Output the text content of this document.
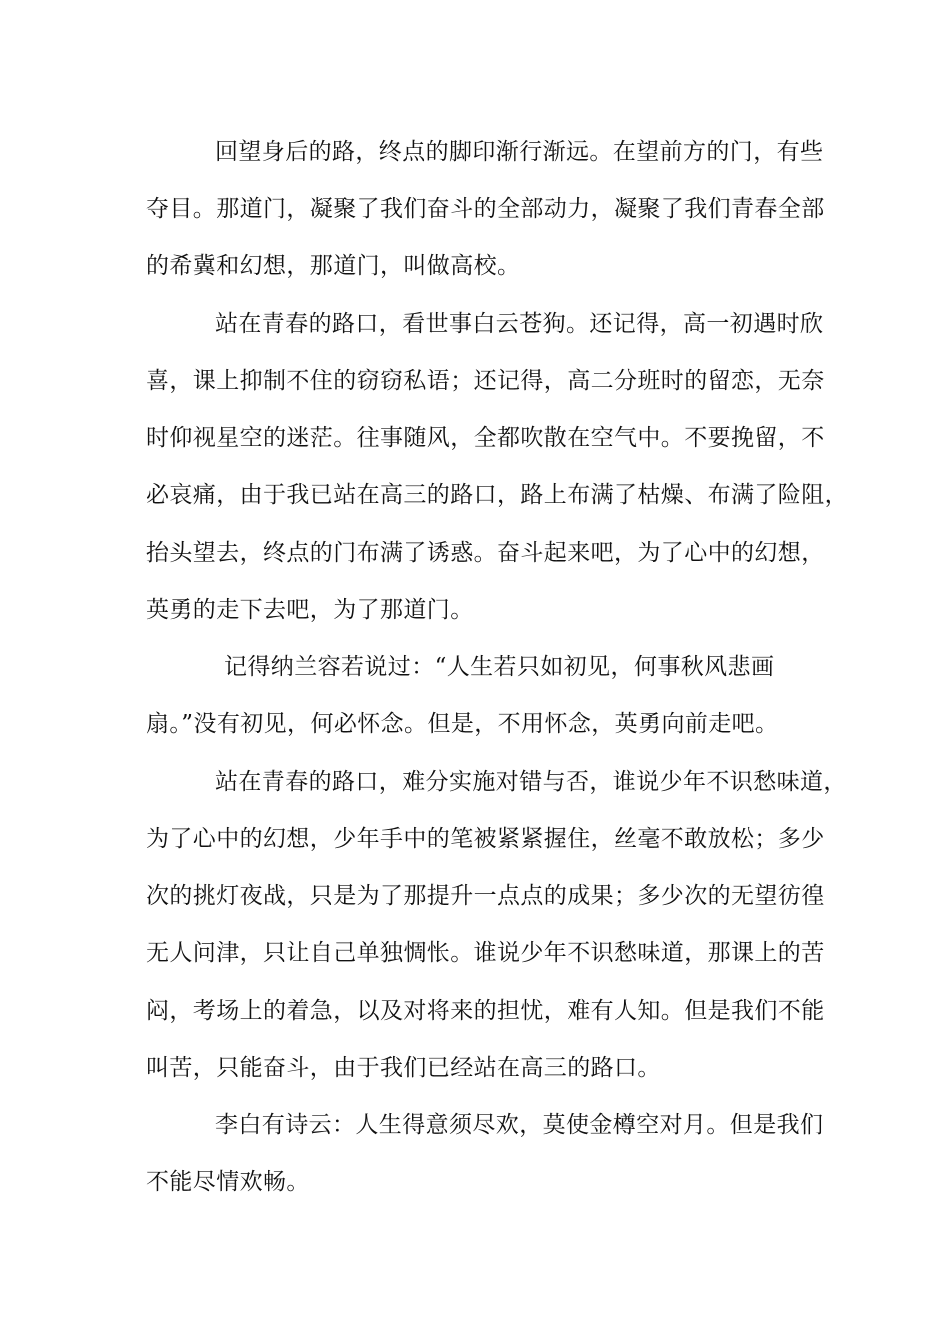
回望身后的路，终点的脚印渐行渐远。在望前方的门，有些
夺目。那道门，凝聚了我们奋斗的全部动力，凝聚了我们青春全部
的希冀和幻想，那道门，叫做高校。
站在青春的路口，看世事白云苍狗。还记得，高一初遇时欣
喜，课上抑制不住的窃窃私语；还记得，高二分班时的留恋，无奈
时仰视星空的迷茫。往事随风，全都吹散在空气中。不要挽留，不
必哀痛，由于我已站在高三的路口，路上布满了枯燥、布满了险阻，
抬头望去，终点的门布满了诱惑。奋斗起来吧，为了心中的幻想，
英勇的走下去吧，为了那道门。
记得纳兰容若说过：“人生若只如初见，何事秋风悲画
扇。”没有初见，何必怀念。但是，不用怀念，英勇向前走吧。
站在青春的路口，难分实施对错与否，谁说少年不识愁味道，
为了心中的幻想，少年手中的笔被紧紧握住，丝毫不敢放松；多少
次的挑灯夜战，只是为了那提升一点点的成果；多少次的无望彷徨
无人问津，只让自己单独惆怅。谁说少年不识愁味道，那课上的苦
闷，考场上的着急，以及对将来的担忧，难有人知。但是我们不能
叫苦，只能奋斗，由于我们已经站在高三的路口。
李白有诗云：人生得意须尽欢，莫使金樽空对月。但是我们
不能尽情欢畅。
